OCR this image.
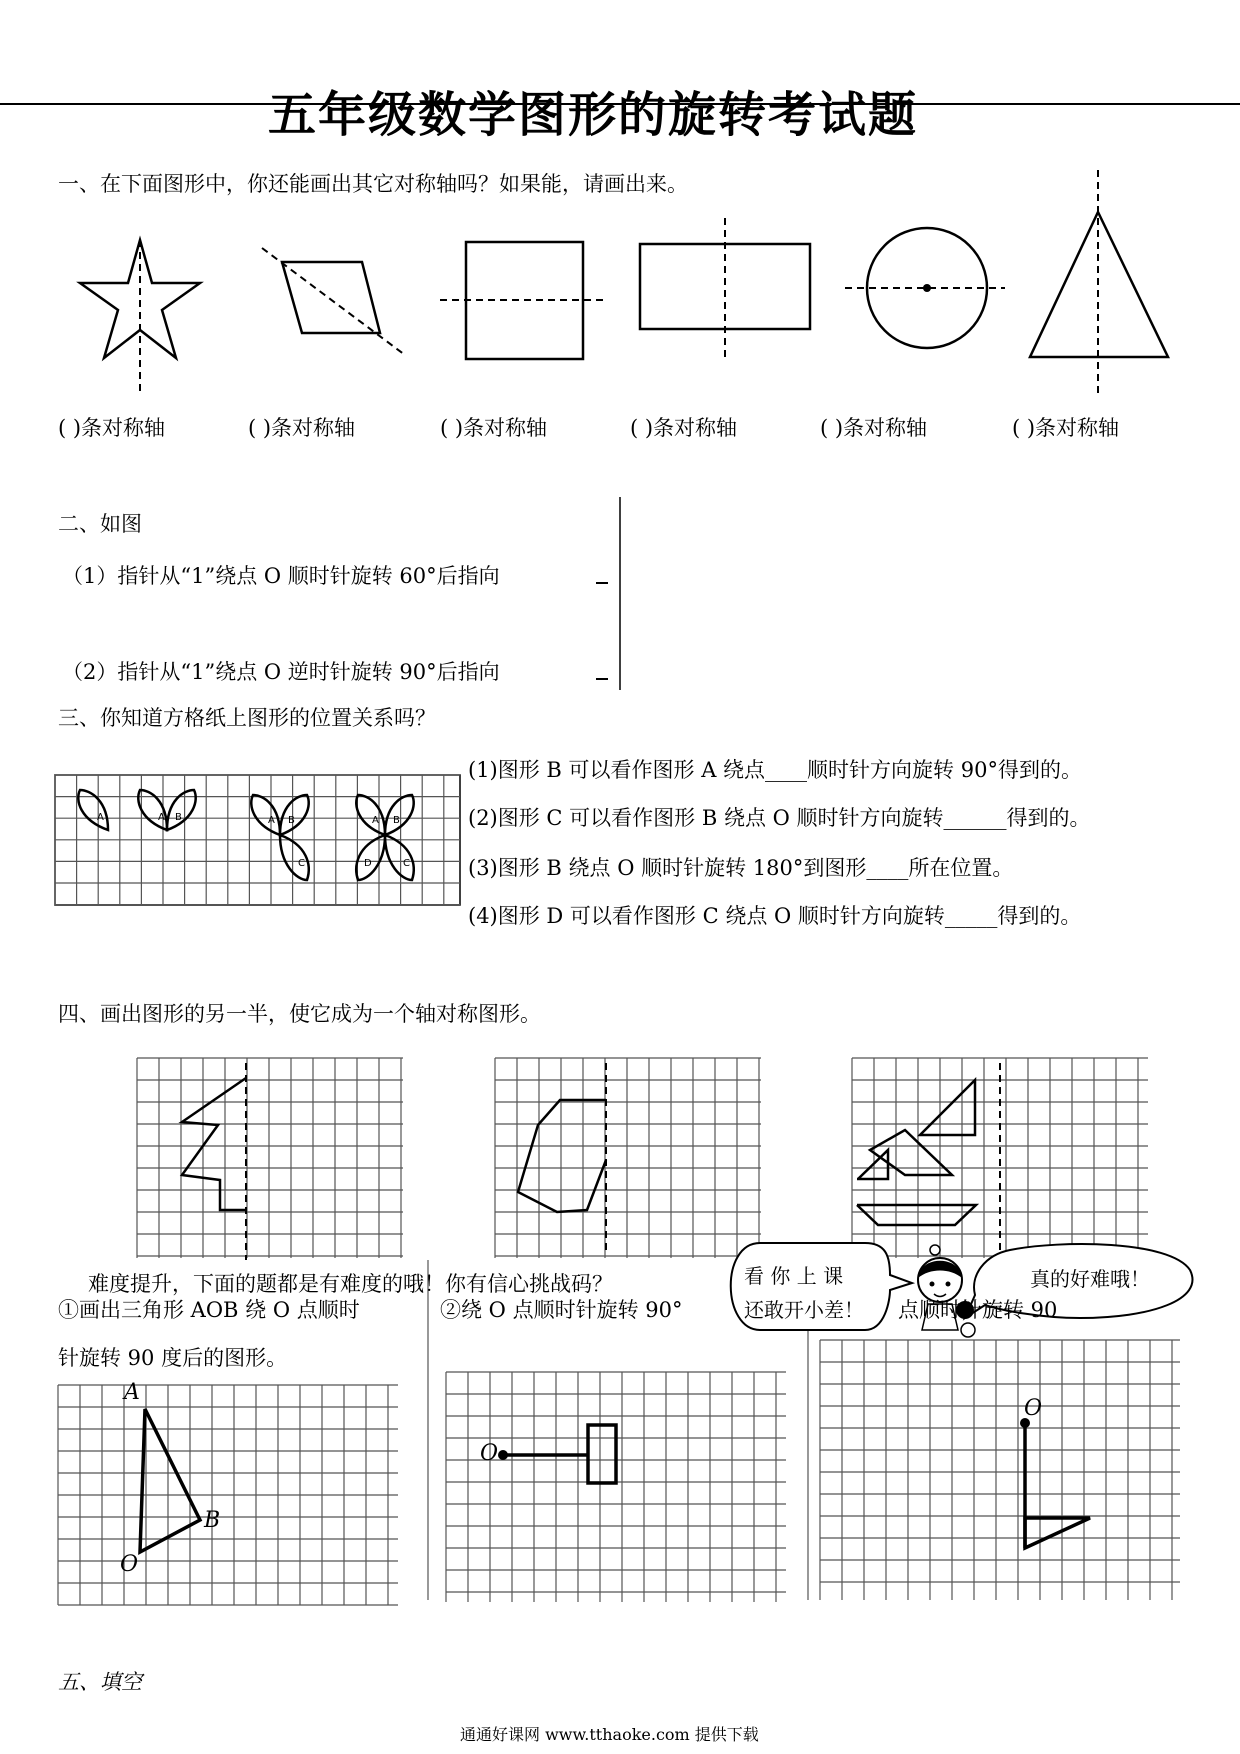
五年级数学图形的旋转考试题
一、在下面图形中，你还能画出其它对称轴吗？如果能，请画出来。
( )条对称轴	( )条对称轴	( )条对称轴	( )条对称轴	( )条对称轴	( )条对称轴
二、如图
（1）指针从“1”绕点 O 顺时针旋转 60°后指向
（2）指针从“1”绕点 O 逆时针旋转 90°后指向
三、你知道方格纸上图形的位置关系吗？
(1)图形 B 可以看作图形 A 绕点____顺时针方向旋转 90°得到的。
(2)图形 C 可以看作图形 B 绕点 O 顺时针方向旋转______得到的。
(3)图形 B 绕点 O 顺时针旋转 180°到图形____所在位置。
(4)图形 D 可以看作图形 C 绕点 O 顺时针方向旋转_____得到的。
A	A B	A B
C
A B
C
D
四、画出图形的另一半，使它成为一个轴对称图形。
难度提升，下面的题都是有难度的哦！你有信心挑战码？
①画出三角形 AOB 绕 O 点顺时
针旋转 90 度后的图形。
②绕 O 点顺时针旋转 90°	点顺时针旋转 90
看 你 上 课
还敢开小差！
真的好难哦！
A
B
O
O
O
五、填空
通通好课网 www.tthaoke.com 提供下载
